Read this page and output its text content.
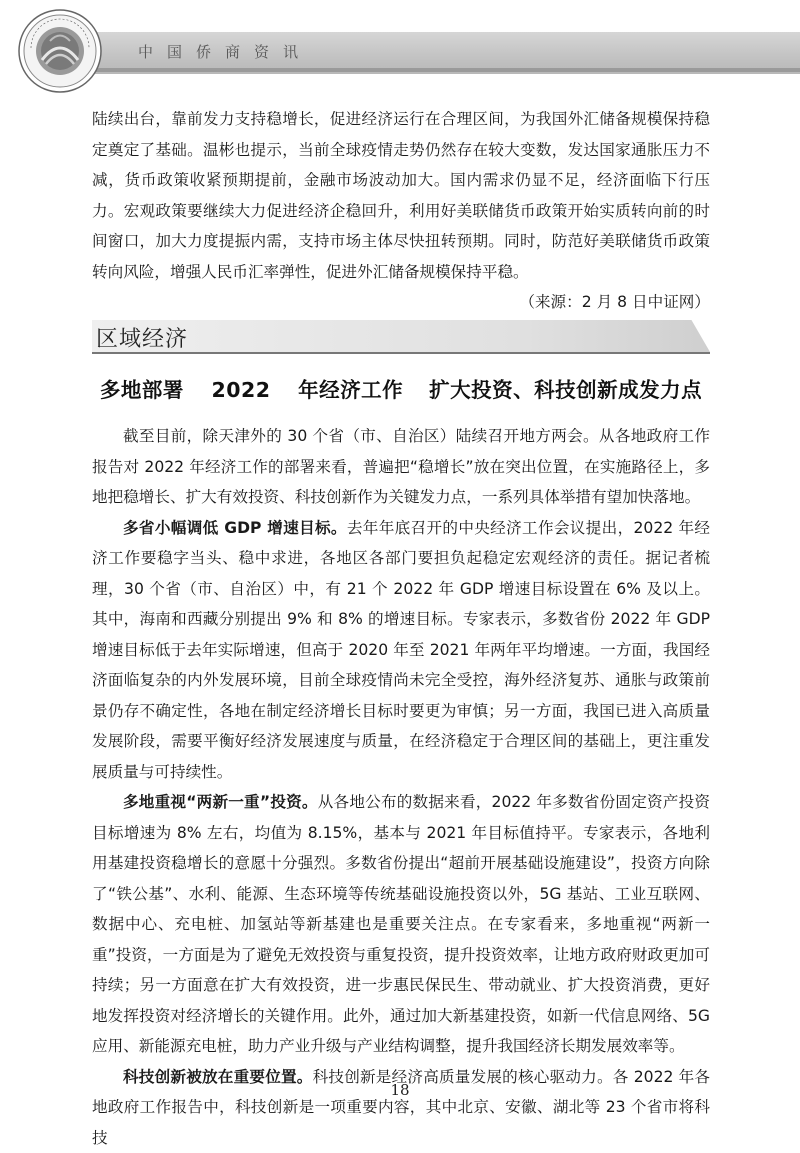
中国侨商资讯

陆续出台，靠前发力支持稳增长，促进经济运行在合理区间，为我国外汇储备规模保持稳定奠定了基础。温彬也提示，当前全球疫情走势仍然存在较大变数，发达国家通胀压力不减，货币政策收紧预期提前，金融市场波动加大。国内需求仍显不足，经济面临下行压力。宏观政策要继续大力促进经济企稳回升，利用好美联储货币政策开始实质转向前的时间窗口，加大力度提振内需，支持市场主体尽快扭转预期。同时，防范好美联储货币政策转向风险，增强人民币汇率弹性，促进外汇储备规模保持平稳。
（来源：2 月 8 日中证网）

区域经济
多地部署 2022 年经济工作 扩大投资、科技创新成发力点

截至目前，除天津外的 30 个省（市、自治区）陆续召开地方两会。从各地政府工作报告对 2022 年经济工作的部署来看，普遍把“稳增长”放在突出位置，在实施路径上，多地把稳增长、扩大有效投资、科技创新作为关键发力点，一系列具体举措有望加快落地。

多省小幅调低 GDP 增速目标。去年年底召开的中央经济工作会议提出，2022 年经济工作要稳字当头、稳中求进，各地区各部门要担负起稳定宏观经济的责任。据记者梳理，30 个省（市、自治区）中，有 21 个 2022 年 GDP 增速目标设置在 6% 及以上。其中，海南和西藏分别提出 9% 和 8% 的增速目标。专家表示，多数省份 2022 年 GDP 增速目标低于去年实际增速，但高于 2020 年至 2021 年两年平均增速。一方面，我国经济面临复杂的内外发展环境，目前全球疫情尚未完全受控，海外经济复苏、通胀与政策前景仍存不确定性，各地在制定经济增长目标时要更为审慎；另一方面，我国已进入高质量发展阶段，需要平衡好经济发展速度与质量，在经济稳定于合理区间的基础上，更注重发展质量与可持续性。

多地重视“两新一重”投资。从各地公布的数据来看，2022 年多数省份固定资产投资目标增速为 8% 左右，均值为 8.15%，基本与 2021 年目标值持平。专家表示，各地利用基建投资稳增长的意愿十分强烈。多数省份提出“超前开展基础设施建设”，投资方向除了“铁公基”、水利、能源、生态环境等传统基础设施投资以外，5G 基站、工业互联网、数据中心、充电桩、加氢站等新基建也是重要关注点。在专家看来，多地重视“两新一重”投资，一方面是为了避免无效投资与重复投资，提升投资效率，让地方政府财政更加可持续；另一方面意在扩大有效投资，进一步惠民保民生、带动就业、扩大投资消费，更好地发挥投资对经济增长的关键作用。此外，通过加大新基建投资，如新一代信息网络、5G 应用、新能源充电桩，助力产业升级与产业结构调整，提升我国经济长期发展效率等。

科技创新被放在重要位置。科技创新是经济高质量发展的核心驱动力。各 2022 年各地政府工作报告中，科技创新是一项重要内容，其中北京、安徽、湖北等 23 个省市将科技

18
